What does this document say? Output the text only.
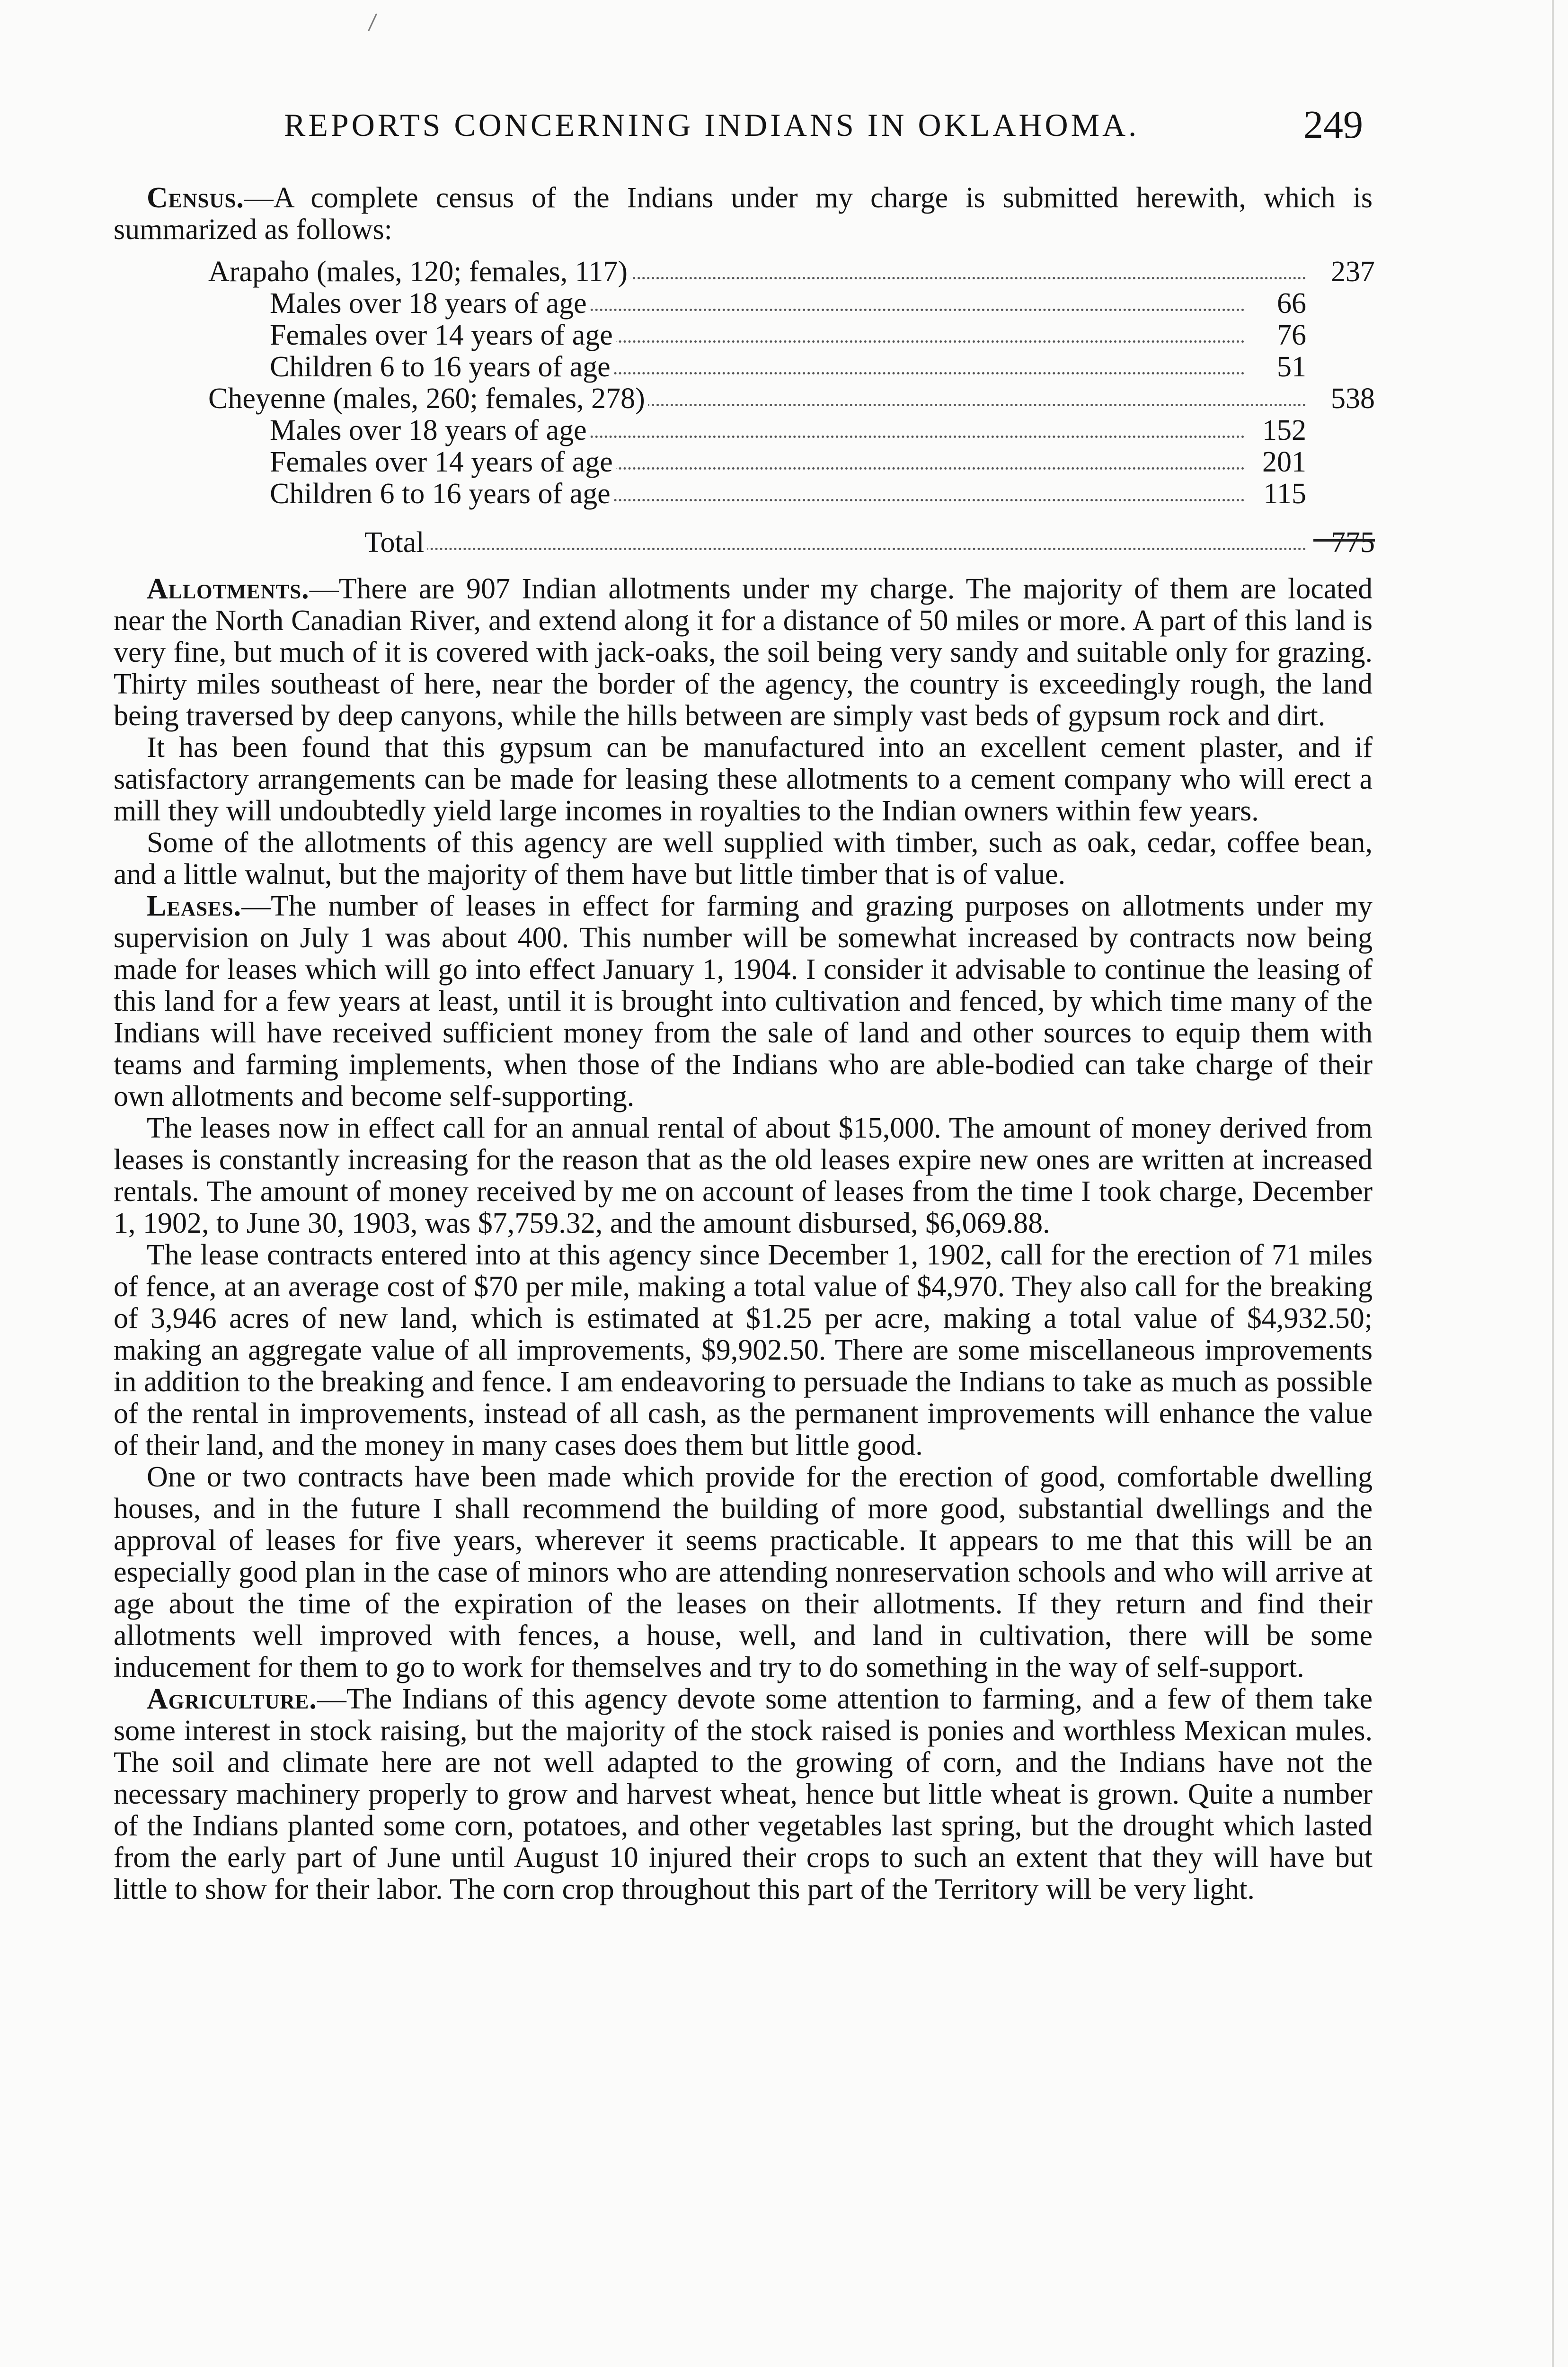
REPORTS CONCERNING INDIANS IN OKLAHOMA.	249

Census.—A complete census of the Indians under my charge is submitted herewith, which is summarized as follows:

Arapaho (males, 120; females, 117)	237
Males over 18 years of age	66
Females over 14 years of age	76
Children 6 to 16 years of age	51
Cheyenne (males, 260; females, 278)	538
Males over 18 years of age	152
Females over 14 years of age	201
Children 6 to 16 years of age	115
Total	775

Allotments.—There are 907 Indian allotments under my charge. The majority of them are located near the North Canadian River, and extend along it for a distance of 50 miles or more. A part of this land is very fine, but much of it is covered with jack-oaks, the soil being very sandy and suitable only for grazing. Thirty miles southeast of here, near the border of the agency, the country is exceedingly rough, the land being traversed by deep canyons, while the hills between are simply vast beds of gypsum rock and dirt.

It has been found that this gypsum can be manufactured into an excellent cement plaster, and if satisfactory arrangements can be made for leasing these allotments to a cement company who will erect a mill they will undoubtedly yield large incomes in royalties to the Indian owners within few years.

Some of the allotments of this agency are well supplied with timber, such as oak, cedar, coffee bean, and a little walnut, but the majority of them have but little timber that is of value.

Leases.—The number of leases in effect for farming and grazing purposes on allotments under my supervision on July 1 was about 400. This number will be somewhat increased by contracts now being made for leases which will go into effect January 1, 1904. I consider it advisable to continue the leasing of this land for a few years at least, until it is brought into cultivation and fenced, by which time many of the Indians will have received sufficient money from the sale of land and other sources to equip them with teams and farming implements, when those of the Indians who are able-bodied can take charge of their own allotments and become self-supporting.

The leases now in effect call for an annual rental of about $15,000. The amount of money derived from leases is constantly increasing for the reason that as the old leases expire new ones are written at increased rentals. The amount of money received by me on account of leases from the time I took charge, December 1, 1902, to June 30, 1903, was $7,759.32, and the amount disbursed, $6,069.88.

The lease contracts entered into at this agency since December 1, 1902, call for the erection of 71 miles of fence, at an average cost of $70 per mile, making a total value of $4,970. They also call for the breaking of 3,946 acres of new land, which is estimated at $1.25 per acre, making a total value of $4,932.50; making an aggregate value of all improvements, $9,902.50. There are some miscellaneous improvements in addition to the breaking and fence. I am endeavoring to persuade the Indians to take as much as possible of the rental in improvements, instead of all cash, as the permanent improvements will enhance the value of their land, and the money in many cases does them but little good.

One or two contracts have been made which provide for the erection of good, comfortable dwelling houses, and in the future I shall recommend the building of more good, substantial dwellings and the approval of leases for five years, wherever it seems practicable. It appears to me that this will be an especially good plan in the case of minors who are attending nonreservation schools and who will arrive at age about the time of the expiration of the leases on their allotments. If they return and find their allotments well improved with fences, a house, well, and land in cultivation, there will be some inducement for them to go to work for themselves and try to do something in the way of self-support.

Agriculture.—The Indians of this agency devote some attention to farming, and a few of them take some interest in stock raising, but the majority of the stock raised is ponies and worthless Mexican mules. The soil and climate here are not well adapted to the growing of corn, and the Indians have not the necessary machinery properly to grow and harvest wheat, hence but little wheat is grown. Quite a number of the Indians planted some corn, potatoes, and other vegetables last spring, but the drought which lasted from the early part of June until August 10 injured their crops to such an extent that they will have but little to show for their labor. The corn crop throughout this part of the Territory will be very light.
